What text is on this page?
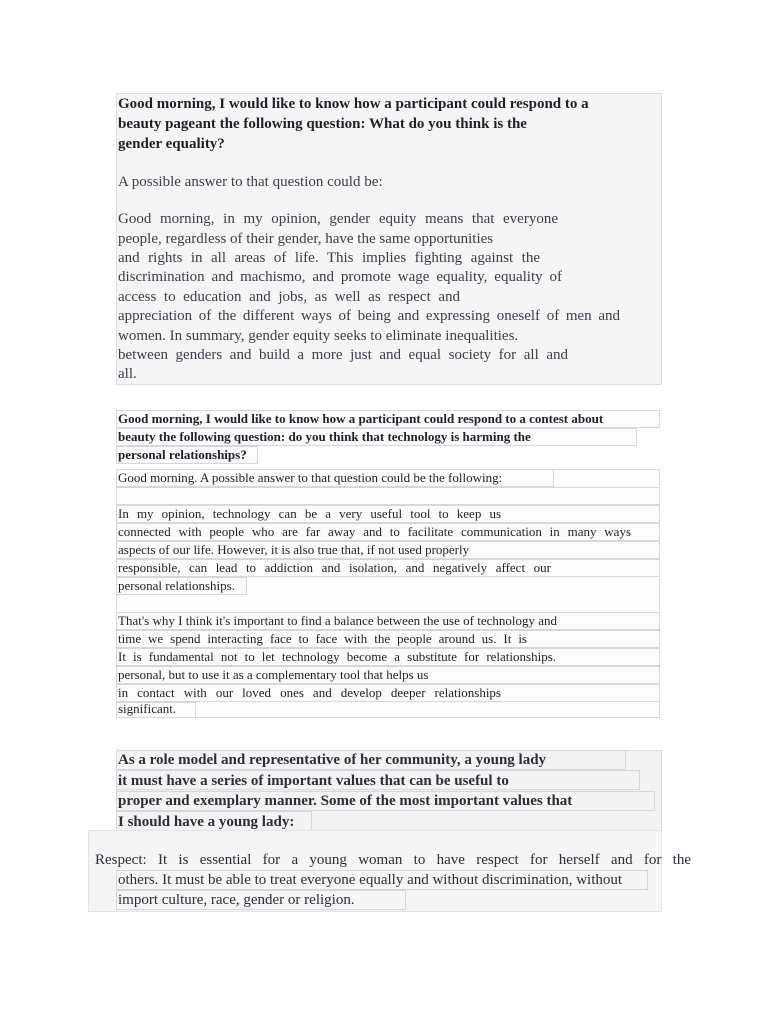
Good morning, I would like to know how a participant could respond to a
beauty pageant the following question: What do you think is the
gender equality?
A possible answer to that question could be:
Good morning, in my opinion, gender equity means that everyone
people, regardless of their gender, have the same opportunities
and rights in all areas of life. This implies fighting against the
discrimination and machismo, and promote wage equality, equality of
access to education and jobs, as well as respect and
appreciation of the different ways of being and expressing oneself of men and
women. In summary, gender equity seeks to eliminate inequalities.
between genders and build a more just and equal society for all and
all.
Good morning, I would like to know how a participant could respond to a contest about
beauty the following question: do you think that technology is harming the
personal relationships?
Good morning. A possible answer to that question could be the following:
In my opinion, technology can be a very useful tool to keep us
connected with people who are far away and to facilitate communication in many ways
aspects of our life. However, it is also true that, if not used properly
responsible, can lead to addiction and isolation, and negatively affect our
personal relationships.
That's why I think it's important to find a balance between the use of technology and
time we spend interacting face to face with the people around us. It is
It is fundamental not to let technology become a substitute for relationships.
personal, but to use it as a complementary tool that helps us
in contact with our loved ones and develop deeper relationships
significant.
As a role model and representative of her community, a young lady
it must have a series of important values that can be useful to
proper and exemplary manner. Some of the most important values that
I should have a young lady:
Respect: It is essential for a young woman to have respect for herself and for the
others. It must be able to treat everyone equally and without discrimination, without
import culture, race, gender or religion.
